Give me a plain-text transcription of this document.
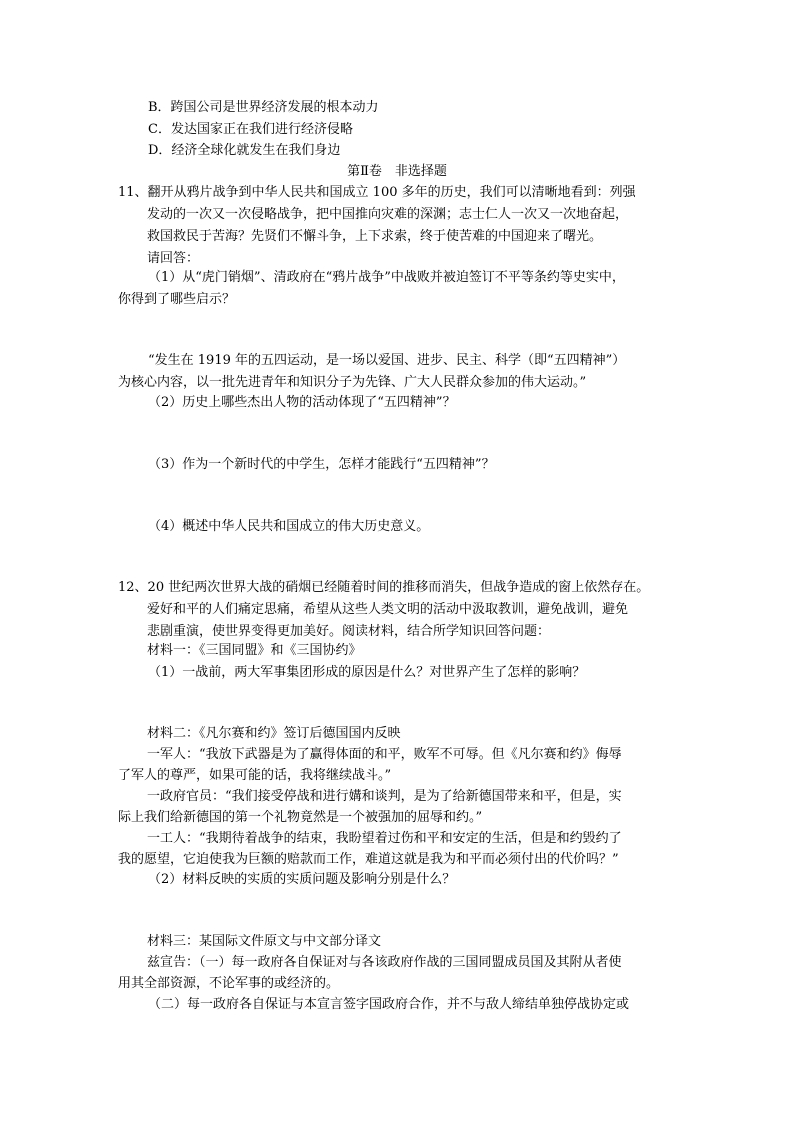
B．跨国公司是世界经济发展的根本动力
C．发达国家正在我们进行经济侵略
D．经济全球化就发生在我们身边
第Ⅱ卷　非选择题
11、翻开从鸦片战争到中华人民共和国成立 100 多年的历史，我们可以清晰地看到：列强
发动的一次又一次侵略战争，把中国推向灾难的深渊；志士仁人一次又一次地奋起，
救国救民于苦海？先贤们不懈斗争，上下求索，终于使苦难的中国迎来了曙光。
请回答：
（1）从“虎门销烟”、清政府在“鸦片战争”中战败并被迫签订不平等条约等史实中，
你得到了哪些启示？
“发生在 1919 年的五四运动，是一场以爱国、进步、民主、科学（即“五四精神”）
为核心内容，以一批先进青年和知识分子为先锋、广大人民群众参加的伟大运动。”
（2）历史上哪些杰出人物的活动体现了“五四精神”？
（3）作为一个新时代的中学生，怎样才能践行“五四精神”？
（4）概述中华人民共和国成立的伟大历史意义。
12、20 世纪两次世界大战的硝烟已经随着时间的推移而消失，但战争造成的窗上依然存在。
爱好和平的人们痛定思痛，希望从这些人类文明的活动中汲取教训，避免战训，避免
悲剧重演，使世界变得更加美好。阅读材料，结合所学知识回答问题：
材料一：《三国同盟》和《三国协约》
（1）一战前，两大军事集团形成的原因是什么？对世界产生了怎样的影响？
材料二：《凡尔赛和约》签订后德国国内反映
一军人：“我放下武器是为了赢得体面的和平，败军不可辱。但《凡尔赛和约》侮辱
了军人的尊严，如果可能的话，我将继续战斗。”
一政府官员：“我们接受停战和进行媾和谈判，是为了给新德国带来和平，但是，实
际上我们给新德国的第一个礼物竟然是一个被强加的屈辱和约。”
一工人：“我期待着战争的结束，我盼望着过伤和平和安定的生活，但是和约毁约了
我的愿望，它迫使我为巨额的赔款而工作，难道这就是我为和平而必须付出的代价吗？”
（2）材料反映的实质的实质问题及影响分别是什么？
材料三：某国际文件原文与中文部分译文
兹宣告：（一）每一政府各自保证对与各该政府作战的三国同盟成员国及其附从者使
用其全部资源，不论军事的或经济的。
（二）每一政府各自保证与本宣言签字国政府合作，并不与敌人缔结单独停战协定或
